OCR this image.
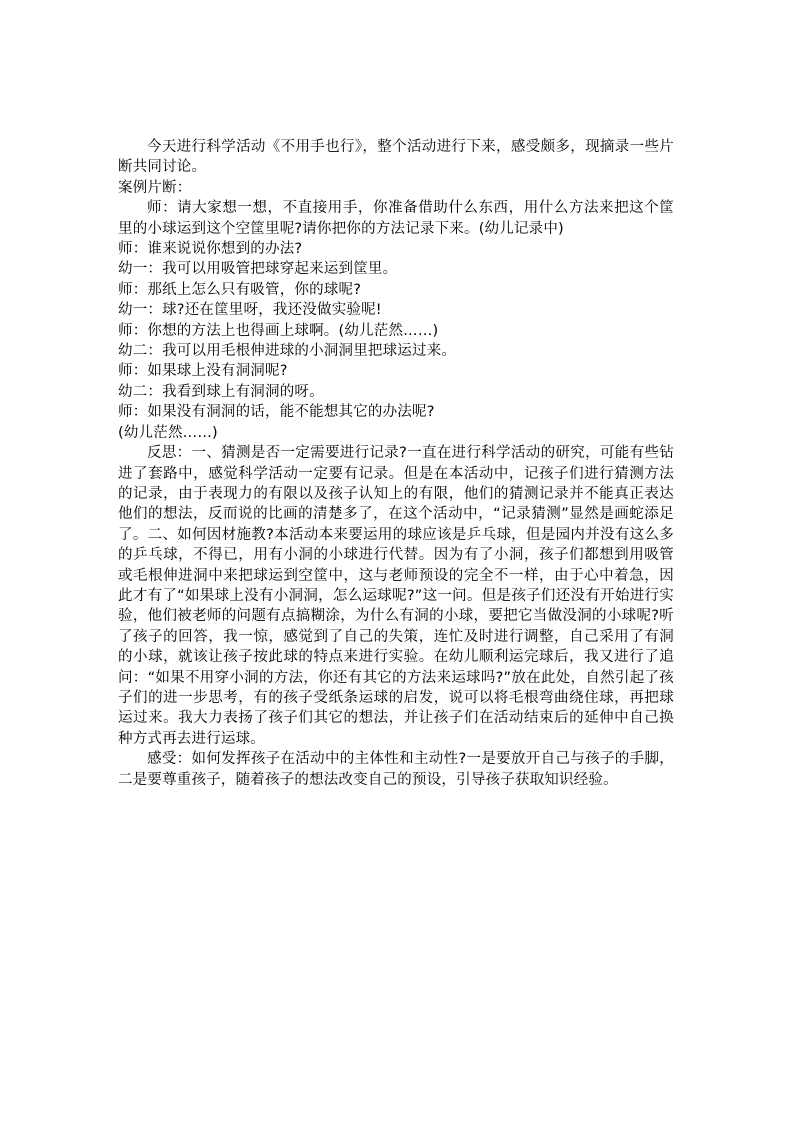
今天进行科学活动《不用手也行》，整个活动进行下来，感受颇多，现摘录一些片断共同讨论。

案例片断：

师：请大家想一想，不直接用手，你准备借助什么东西，用什么方法来把这个筐里的小球运到这个空筐里呢?请你把你的方法记录下来。(幼儿记录中)

师：谁来说说你想到的办法?

幼一：我可以用吸管把球穿起来运到筐里。

师：那纸上怎么只有吸管，你的球呢?

幼一：球?还在筐里呀，我还没做实验呢!

师：你想的方法上也得画上球啊。(幼儿茫然……)

幼二：我可以用毛根伸进球的小洞洞里把球运过来。

师：如果球上没有洞洞呢?

幼二：我看到球上有洞洞的呀。

师：如果没有洞洞的话，能不能想其它的办法呢?

(幼儿茫然……)

反思：一、猜测是否一定需要进行记录?一直在进行科学活动的研究，可能有些钻进了套路中，感觉科学活动一定要有记录。但是在本活动中，记孩子们进行猜测方法的记录，由于表现力的有限以及孩子认知上的有限，他们的猜测记录并不能真正表达他们的想法，反而说的比画的清楚多了，在这个活动中，“记录猜测”显然是画蛇添足了。二、如何因材施教?本活动本来要运用的球应该是乒乓球，但是园内并没有这么多的乒乓球，不得已，用有小洞的小球进行代替。因为有了小洞，孩子们都想到用吸管或毛根伸进洞中来把球运到空筐中，这与老师预设的完全不一样，由于心中着急，因此才有了“如果球上没有小洞洞，怎么运球呢?”这一问。但是孩子们还没有开始进行实验，他们被老师的问题有点搞糊涂，为什么有洞的小球，要把它当做没洞的小球呢?听了孩子的回答，我一惊，感觉到了自己的失策，连忙及时进行调整，自己采用了有洞的小球，就该让孩子按此球的特点来进行实验。在幼儿顺利运完球后，我又进行了追问：“如果不用穿小洞的方法，你还有其它的方法来运球吗?”放在此处，自然引起了孩子们的进一步思考，有的孩子受纸条运球的启发，说可以将毛根弯曲绕住球，再把球运过来。我大力表扬了孩子们其它的想法，并让孩子们在活动结束后的延伸中自己换种方式再去进行运球。

感受：如何发挥孩子在活动中的主体性和主动性?一是要放开自己与孩子的手脚，二是要尊重孩子，随着孩子的想法改变自己的预设，引导孩子获取知识经验。
